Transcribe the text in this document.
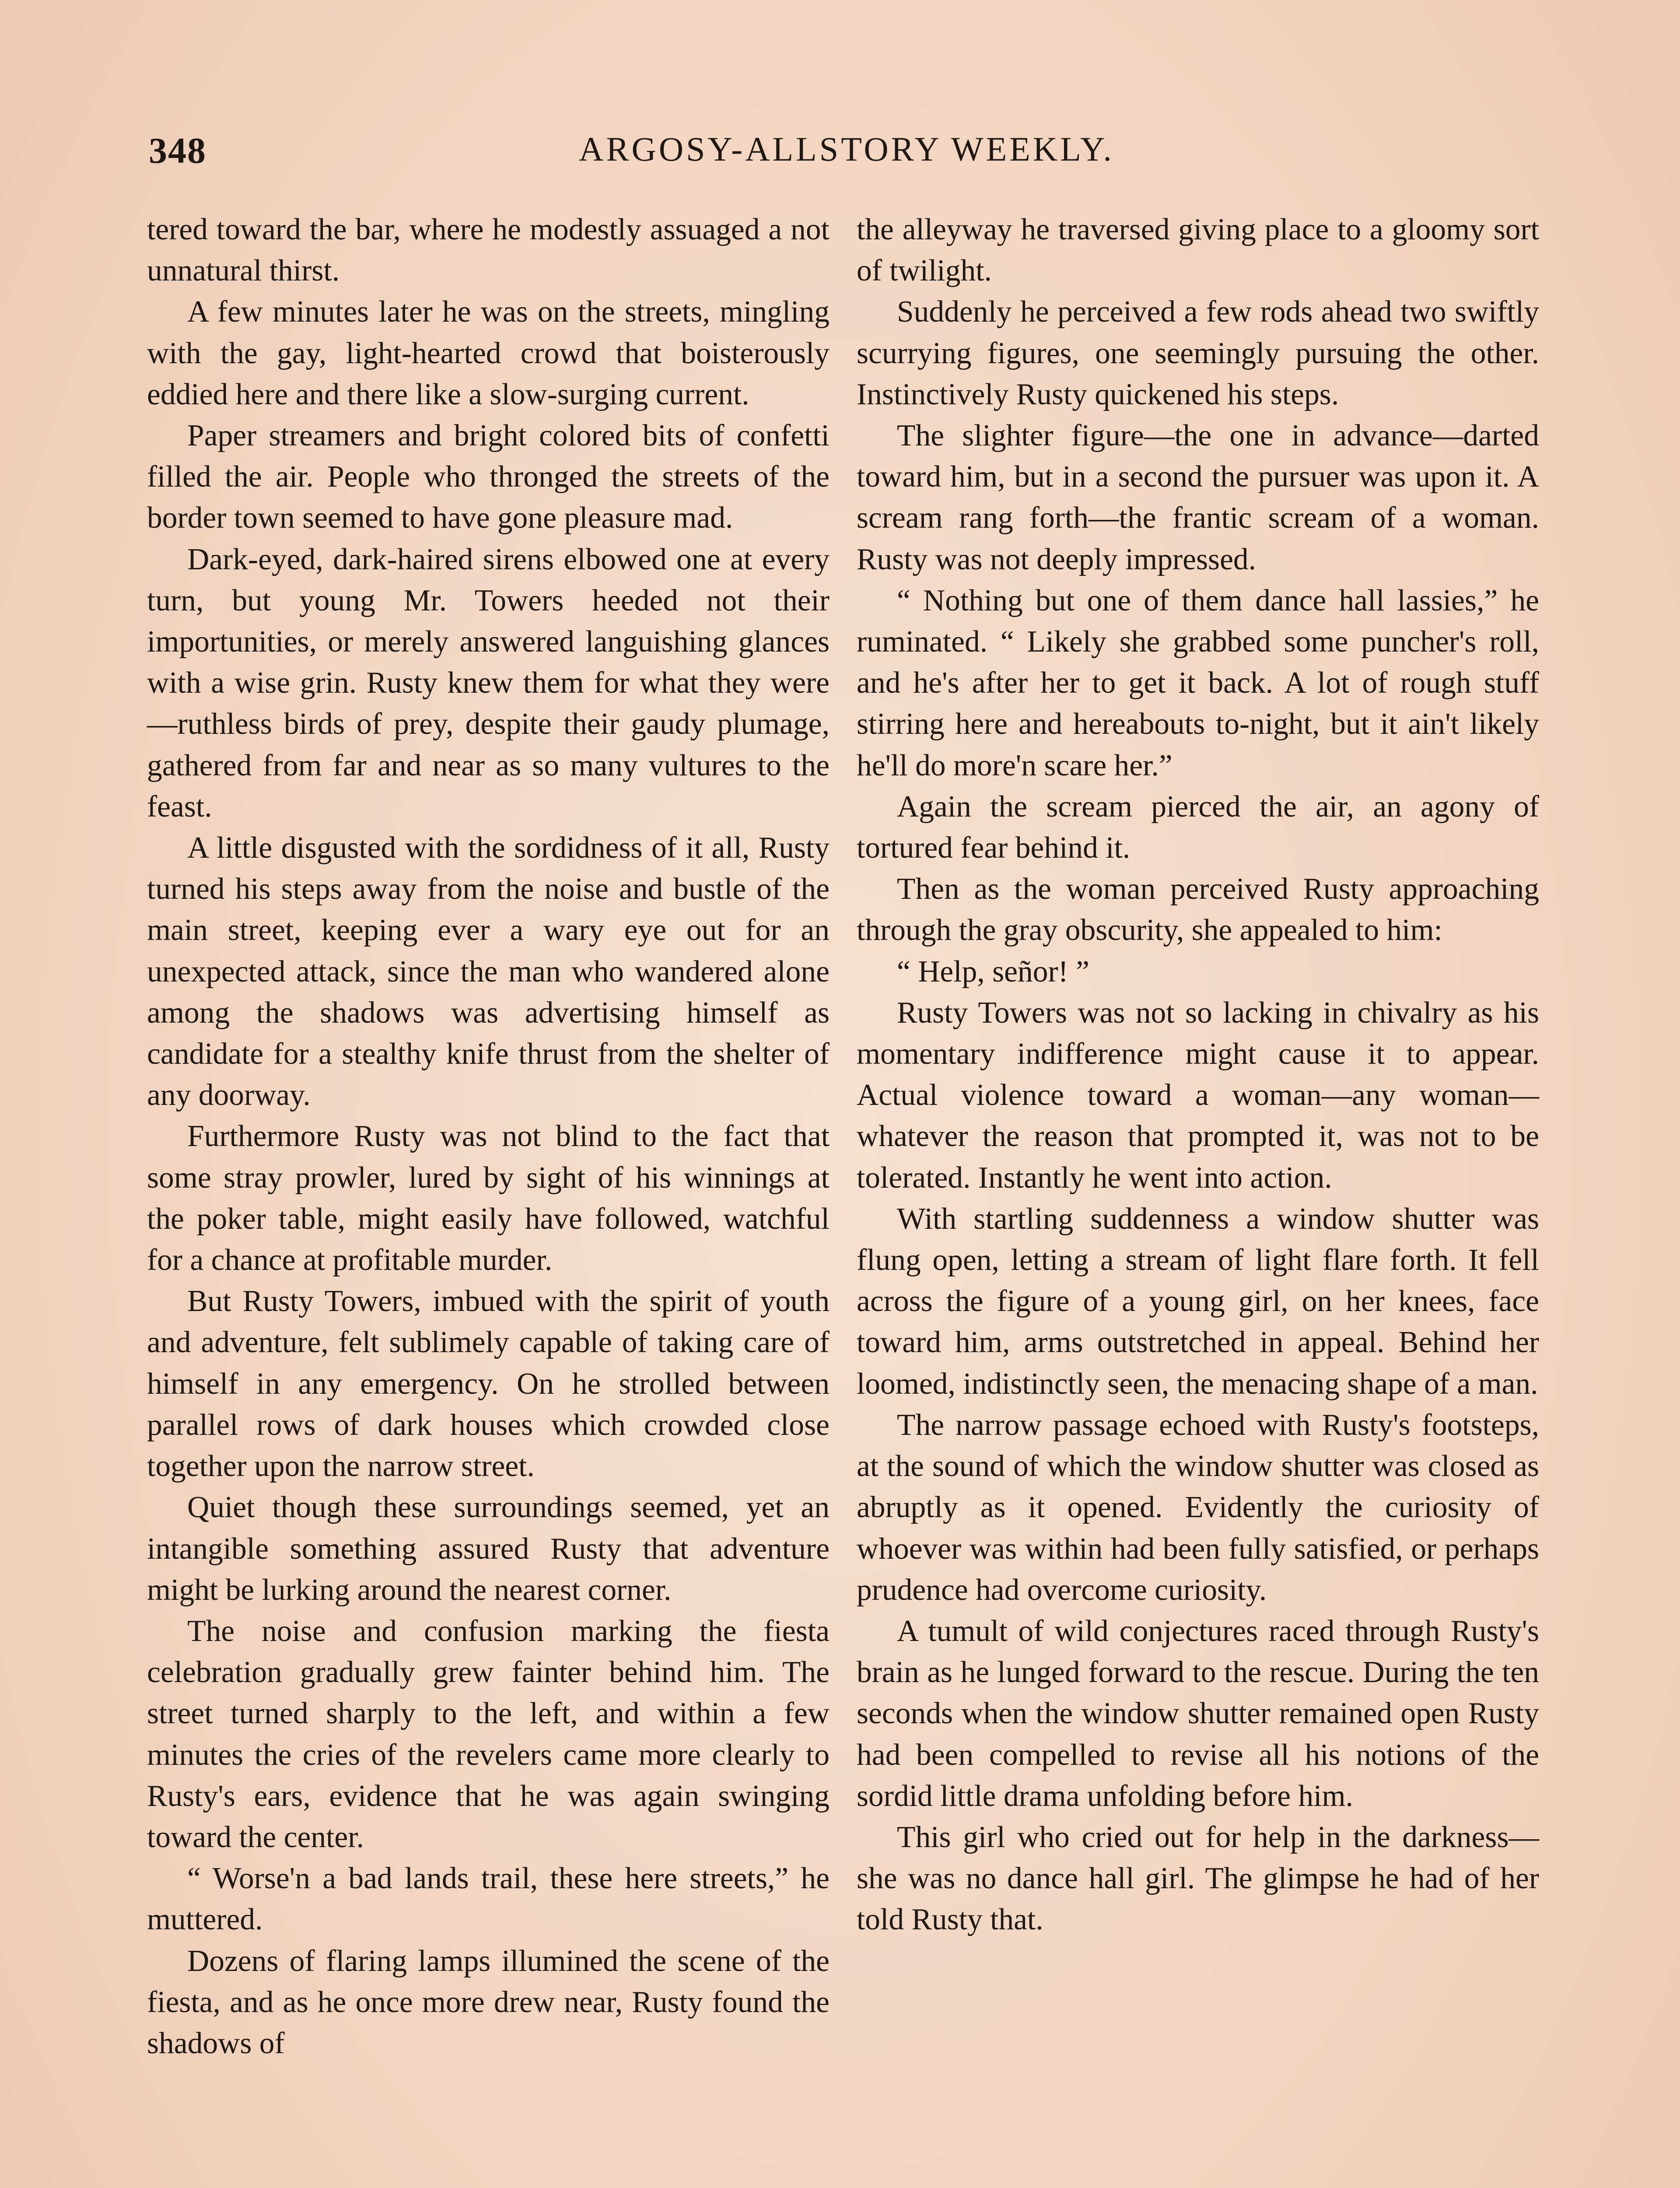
348	ARGOSY-ALLSTORY WEEKLY.

tered toward the bar, where he modestly assuaged a not unnatural thirst.

A few minutes later he was on the streets, mingling with the gay, light-hearted crowd that boisterously eddied here and there like a slow-surging current.

Paper streamers and bright colored bits of confetti filled the air. People who thronged the streets of the border town seemed to have gone pleasure mad.

Dark-eyed, dark-haired sirens elbowed one at every turn, but young Mr. Towers heeded not their importunities, or merely answered languishing glances with a wise grin. Rusty knew them for what they were —ruthless birds of prey, despite their gaudy plumage, gathered from far and near as so many vultures to the feast.

A little disgusted with the sordidness of it all, Rusty turned his steps away from the noise and bustle of the main street, keeping ever a wary eye out for an unexpected attack, since the man who wandered alone among the shadows was advertising himself as candidate for a stealthy knife thrust from the shelter of any doorway.

Furthermore Rusty was not blind to the fact that some stray prowler, lured by sight of his winnings at the poker table, might easily have followed, watchful for a chance at profitable murder.

But Rusty Towers, imbued with the spirit of youth and adventure, felt sublimely capable of taking care of himself in any emergency. On he strolled between parallel rows of dark houses which crowded close together upon the narrow street.

Quiet though these surroundings seemed, yet an intangible something assured Rusty that adventure might be lurking around the nearest corner.

The noise and confusion marking the fiesta celebration gradually grew fainter behind him. The street turned sharply to the left, and within a few minutes the cries of the revelers came more clearly to Rusty's ears, evidence that he was again swinging toward the center.

“ Worse'n a bad lands trail, these here streets,” he muttered.

Dozens of flaring lamps illumined the scene of the fiesta, and as he once more drew near, Rusty found the shadows of

the alleyway he traversed giving place to a gloomy sort of twilight.

Suddenly he perceived a few rods ahead two swiftly scurrying figures, one seemingly pursuing the other. Instinctively Rusty quickened his steps.

The slighter figure—the one in advance—darted toward him, but in a second the pursuer was upon it. A scream rang forth—the frantic scream of a woman. Rusty was not deeply impressed.

“ Nothing but one of them dance hall lassies,” he ruminated. “ Likely she grabbed some puncher's roll, and he's after her to get it back. A lot of rough stuff stirring here and hereabouts to-night, but it ain't likely he'll do more'n scare her.”

Again the scream pierced the air, an agony of tortured fear behind it.

Then as the woman perceived Rusty approaching through the gray obscurity, she appealed to him:

“ Help, señor! ”

Rusty Towers was not so lacking in chivalry as his momentary indifference might cause it to appear. Actual violence toward a woman—any woman—whatever the reason that prompted it, was not to be tolerated. Instantly he went into action.

With startling suddenness a window shutter was flung open, letting a stream of light flare forth. It fell across the figure of a young girl, on her knees, face toward him, arms outstretched in appeal. Behind her loomed, indistinctly seen, the menacing shape of a man.

The narrow passage echoed with Rusty's footsteps, at the sound of which the window shutter was closed as abruptly as it opened. Evidently the curiosity of whoever was within had been fully satisfied, or perhaps prudence had overcome curiosity.

A tumult of wild conjectures raced through Rusty's brain as he lunged forward to the rescue. During the ten seconds when the window shutter remained open Rusty had been compelled to revise all his notions of the sordid little drama unfolding before him.

This girl who cried out for help in the darkness—she was no dance hall girl. The glimpse he had of her told Rusty that.
